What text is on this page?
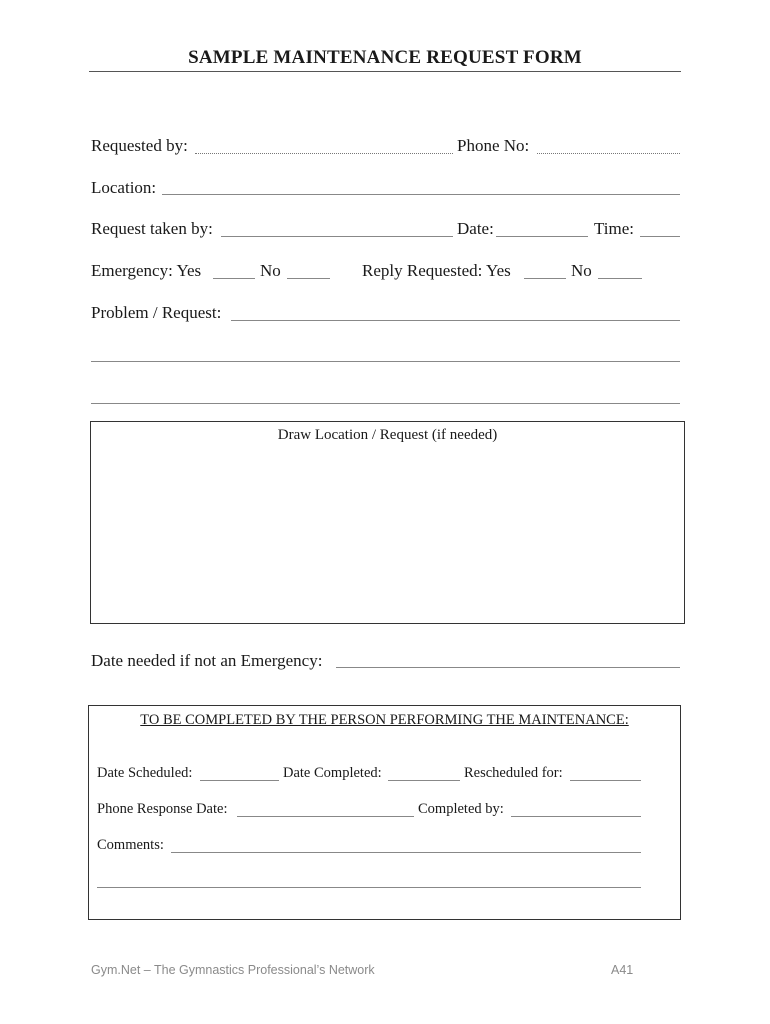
SAMPLE MAINTENANCE REQUEST FORM
Requested by:	Phone No:
Location:
Request taken by:	Date:	Time:
Emergency: Yes	No	Reply Requested: Yes	No
Problem / Request:
Draw Location / Request (if needed)
Date needed if not an Emergency:
TO BE COMPLETED BY THE PERSON PERFORMING THE MAINTENANCE:
Date Scheduled:	Date Completed:	Rescheduled for:
Phone Response Date:	Completed by:
Comments:
Gym.Net – The Gymnastics Professional’s Network	A41
